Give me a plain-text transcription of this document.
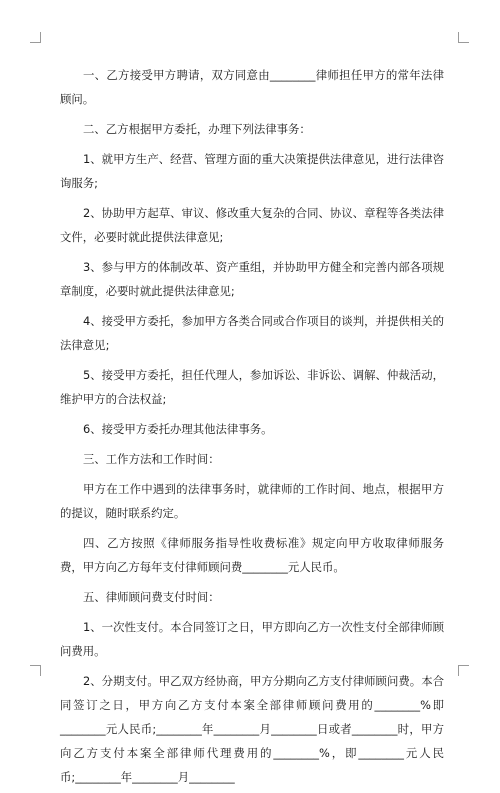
一、乙方接受甲方聘请，双方同意由________律师担任甲方的常年法律顾问。

二、乙方根据甲方委托，办理下列法律事务：

1、就甲方生产、经营、管理方面的重大决策提供法律意见，进行法律咨询服务;

2、协助甲方起草、审议、修改重大复杂的合同、协议、章程等各类法律文件，必要时就此提供法律意见;

3、参与甲方的体制改革、资产重组，并协助甲方健全和完善内部各项规章制度，必要时就此提供法律意见;

4、接受甲方委托，参加甲方各类合同或合作项目的谈判，并提供相关的法律意见;

5、接受甲方委托，担任代理人，参加诉讼、非诉讼、调解、仲裁活动，维护甲方的合法权益;

6、接受甲方委托办理其他法律事务。

三、工作方法和工作时间：

甲方在工作中遇到的法律事务时，就律师的工作时间、地点，根据甲方的提议，随时联系约定。

四、乙方按照《律师服务指导性收费标准》规定向甲方收取律师服务费，甲方向乙方每年支付律师顾问费________元人民币。

五、律师顾问费支付时间：

1、一次性支付。本合同签订之日，甲方即向乙方一次性支付全部律师顾问费用。

2、分期支付。甲乙双方经协商，甲方分期向乙方支付律师顾问费。本合同签订之日，甲方向乙方支付本案全部律师顾问费用的________%即________元人民币;________年________月________日或者________时，甲方向乙方支付本案全部律师代理费用的________%，即________元人民币;________年________月________
